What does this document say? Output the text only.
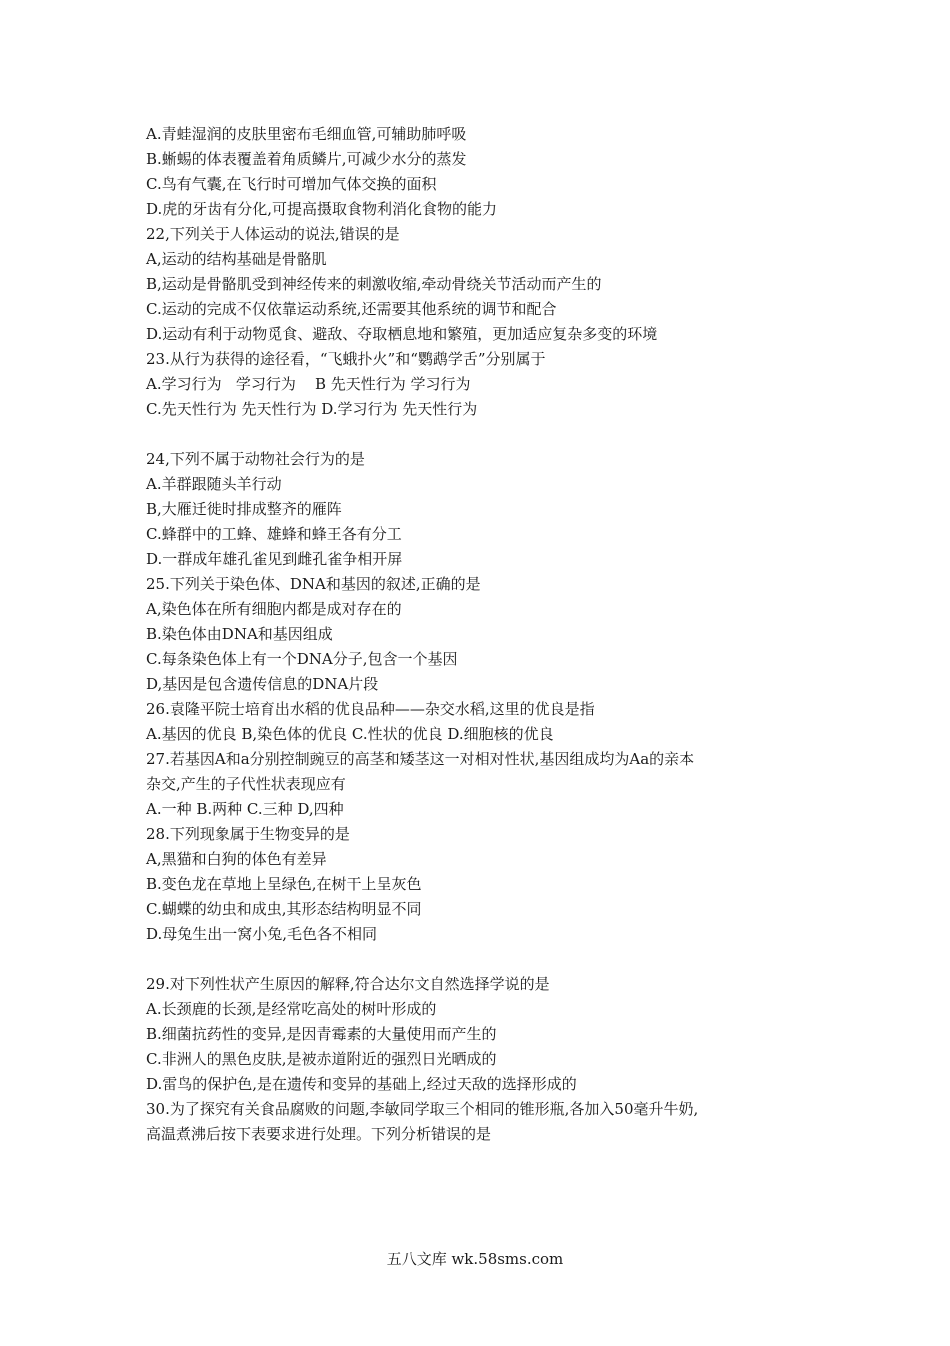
A.青蛙湿润的皮肤里密布毛细血管,可辅助肺呼吸
B.蜥蜴的体表覆盖着角质鳞片,可减少水分的蒸发
C.鸟有气囊,在飞行时可增加气体交换的面积
D.虎的牙齿有分化,可提高摄取食物利消化食物的能力
22,下列关于人体运动的说法,错误的是
A,运动的结构基础是骨骼肌
B,运动是骨骼肌受到神经传来的刺激收缩,牵动骨绕关节活动而产生的
C.运动的完成不仅依靠运动系统,还需要其他系统的调节和配合
D.运动有利于动物觅食、避敌、夺取栖息地和繁殖，更加适应复杂多变的环境
23.从行为获得的途径看，“飞蛾扑火”和“鹦鹉学舌”分别属于
A.学习行为   学习行为    B 先天性行为 学习行为
C.先天性行为 先天性行为 D.学习行为 先天性行为
24,下列不属于动物社会行为的是
A.羊群跟随头羊行动
B,大雁迁徙时排成整齐的雁阵
C.蜂群中的工蜂、雄蜂和蜂王各有分工
D.一群成年雄孔雀见到雌孔雀争相开屏
25.下列关于染色体、DNA和基因的叙述,正确的是
A,染色体在所有细胞内都是成对存在的
B.染色体由DNA和基因组成
C.每条染色体上有一个DNA分子,包含一个基因
D,基因是包含遗传信息的DNA片段
26.袁隆平院士培育出水稻的优良品种——杂交水稻,这里的优良是指
A.基因的优良 B,染色体的优良 C.性状的优良 D.细胞核的优良
27.若基因A和a分别控制豌豆的高茎和矮茎这一对相对性状,基因组成均为Aa的亲本
杂交,产生的子代性状表现应有
A.一种 B.两种 C.三种 D,四种
28.下列现象属于生物变异的是
A,黑猫和白狗的体色有差异
B.变色龙在草地上呈绿色,在树干上呈灰色
C.蝴蝶的幼虫和成虫,其形态结构明显不同
D.母兔生出一窝小兔,毛色各不相同
29.对下列性状产生原因的解释,符合达尔文自然选择学说的是
A.长颈鹿的长颈,是经常吃高处的树叶形成的
B.细菌抗药性的变异,是因青霉素的大量使用而产生的
C.非洲人的黑色皮肤,是被赤道附近的强烈日光晒成的
D.雷鸟的保护色,是在遗传和变异的基础上,经过天敌的选择形成的
30.为了探究有关食品腐败的问题,李敏同学取三个相同的锥形瓶,各加入50毫升牛奶,
高温煮沸后按下表要求进行处理。下列分析错误的是
五八文库 wk.58sms.com
